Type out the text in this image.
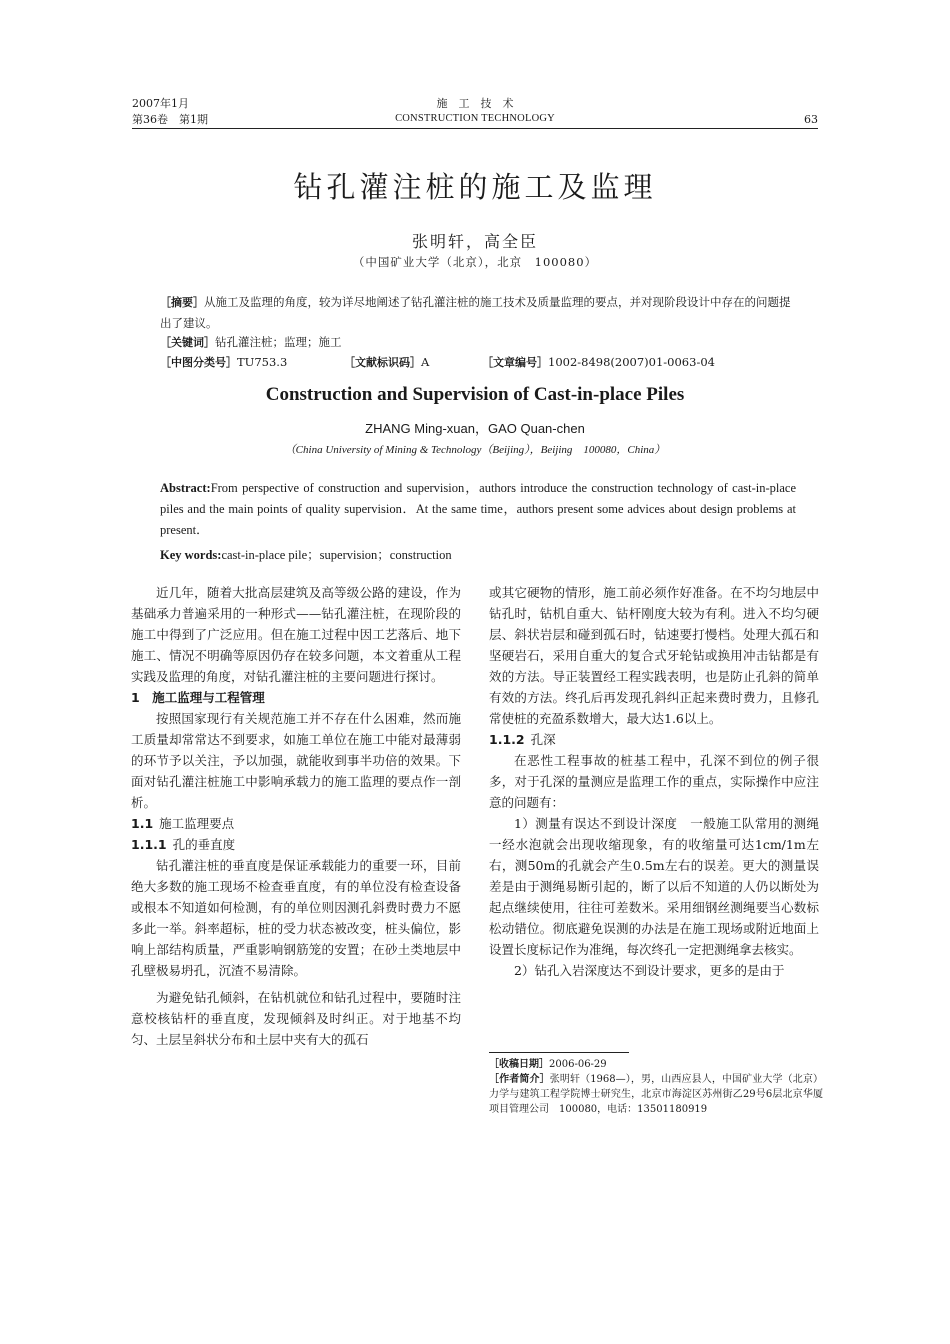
2007年1月
第36卷　第1期
施　工　技　术
CONSTRUCTION TECHNOLOGY	63
钻孔灌注桩的施工及监理
张明轩，高全臣
（中国矿业大学（北京），北京　100080）
［摘要］从施工及监理的角度，较为详尽地阐述了钻孔灌注桩的施工技术及质量监理的要点，并对现阶段设计中存在的问题提出了建议。
［关键词］钻孔灌注桩；监理；施工
［中图分类号］TU753.3	［文献标识码］A	［文章编号］1002-8498(2007)01-0063-04
Construction and Supervision of Cast-in-place Piles
ZHANG Ming-xuan，GAO Quan-chen
（China University of Mining & Technology（Beijing），Beijing　100080，China）
Abstract:From perspective of construction and supervision，authors introduce the construction technology of cast-in-place piles and the main points of quality supervision．At the same time，authors present some advices about design problems at present．
Key words:cast-in-place pile；supervision；construction

近几年，随着大批高层建筑及高等级公路的建设，作为基础承力普遍采用的一种形式——钻孔灌注桩，在现阶段的施工中得到了广泛应用。但在施工过程中因工艺落后、地下施工、情况不明确等原因仍存在较多问题，本文着重从工程实践及监理的角度，对钻孔灌注桩的主要问题进行探讨。

1　施工监理与工程管理

按照国家现行有关规范施工并不存在什么困难，然而施工质量却常常达不到要求，如施工单位在施工中能对最薄弱的环节予以关注，予以加强，就能收到事半功倍的效果。下面对钻孔灌注桩施工中影响承载力的施工监理的要点作一剖析。

1.1 施工监理要点
1.1.1 孔的垂直度

钻孔灌注桩的垂直度是保证承载能力的重要一环，目前绝大多数的施工现场不检查垂直度，有的单位没有检查设备或根本不知道如何检测，有的单位则因测孔斜费时费力不愿多此一举。斜率超标，桩的受力状态被改变，桩头偏位，影响上部结构质量，严重影响钢筋笼的安置；在砂土类地层中孔壁极易坍孔，沉渣不易清除。

为避免钻孔倾斜，在钻机就位和钻孔过程中，要随时注意校核钻杆的垂直度，发现倾斜及时纠正。对于地基不均匀、土层呈斜状分布和土层中夹有大的孤石

或其它硬物的情形，施工前必须作好准备。在不均匀地层中钻孔时，钻机自重大、钻杆刚度大较为有利。进入不均匀硬层、斜状岩层和碰到孤石时，钻速要打慢档。处理大孤石和坚硬岩石，采用自重大的复合式牙轮钻或换用冲击钻都是有效的方法。导正装置经工程实践表明，也是防止孔斜的简单有效的方法。终孔后再发现孔斜纠正起来费时费力，且修孔常使桩的充盈系数增大，最大达1.6以上。

1.1.2 孔深

在恶性工程事故的桩基工程中，孔深不到位的例子很多，对于孔深的量测应是监理工作的重点，实际操作中应注意的问题有：

1）测量有误达不到设计深度　一般施工队常用的测绳一经水泡就会出现收缩现象，有的收缩量可达1cm/1m左右，测50m的孔就会产生0.5m左右的误差。更大的测量误差是由于测绳易断引起的，断了以后不知道的人仍以断处为起点继续使用，往往可差数米。采用细钢丝测绳要当心数标松动错位。彻底避免误测的办法是在施工现场或附近地面上设置长度标记作为准绳，每次终孔一定把测绳拿去核实。

2）钻孔入岩深度达不到设计要求，更多的是由于

［收稿日期］2006-06-29
［作者简介］张明轩（1968—），男，山西应县人，中国矿业大学（北京）力学与建筑工程学院博士研究生，北京市海淀区苏州街乙29号6层北京华厦项目管理公司　100080，电话：13501180919
